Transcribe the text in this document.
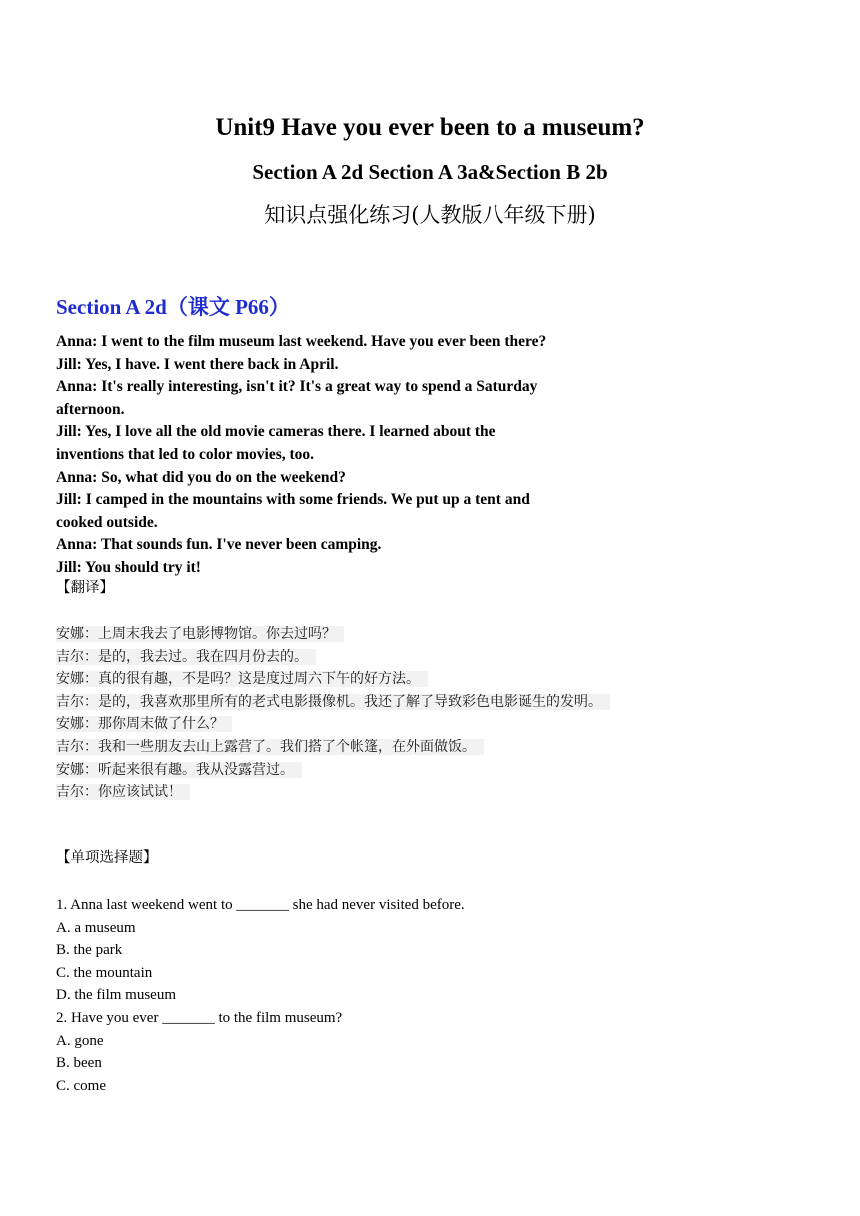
Unit9 Have you ever been to a museum?
Section A 2d Section A 3a&Section B 2b
知识点强化练习(人教版八年级下册)
Section A 2d（课文 P66）
Anna: I went to the film museum last weekend. Have you ever been there?
Jill: Yes, I have. I went there back in April.
Anna: It's really interesting, isn't it? It's a great way to spend a Saturday
afternoon.
Jill: Yes, I love all the old movie cameras there. I learned about the
inventions that led to color movies, too.
Anna: So, what did you do on the weekend?
Jill: I camped in the mountains with some friends. We put up a tent and
cooked outside.
Anna: That sounds fun. I've never been camping.
Jill: You should try it!
【翻译】
安娜：上周末我去了电影博物馆。你去过吗？
吉尔：是的，我去过。我在四月份去的。
安娜：真的很有趣，不是吗？这是度过周六下午的好方法。
吉尔：是的，我喜欢那里所有的老式电影摄像机。我还了解了导致彩色电影诞生的发明。
安娜：那你周末做了什么？
吉尔：我和一些朋友去山上露营了。我们搭了个帐篷，在外面做饭。
安娜：听起来很有趣。我从没露营过。
吉尔：你应该试试！
【单项选择题】
1. Anna last weekend went to _______ she had never visited before.
A. a museum
B. the park
C. the mountain
D. the film museum
2. Have you ever _______ to the film museum?
A. gone
B. been
C. come
